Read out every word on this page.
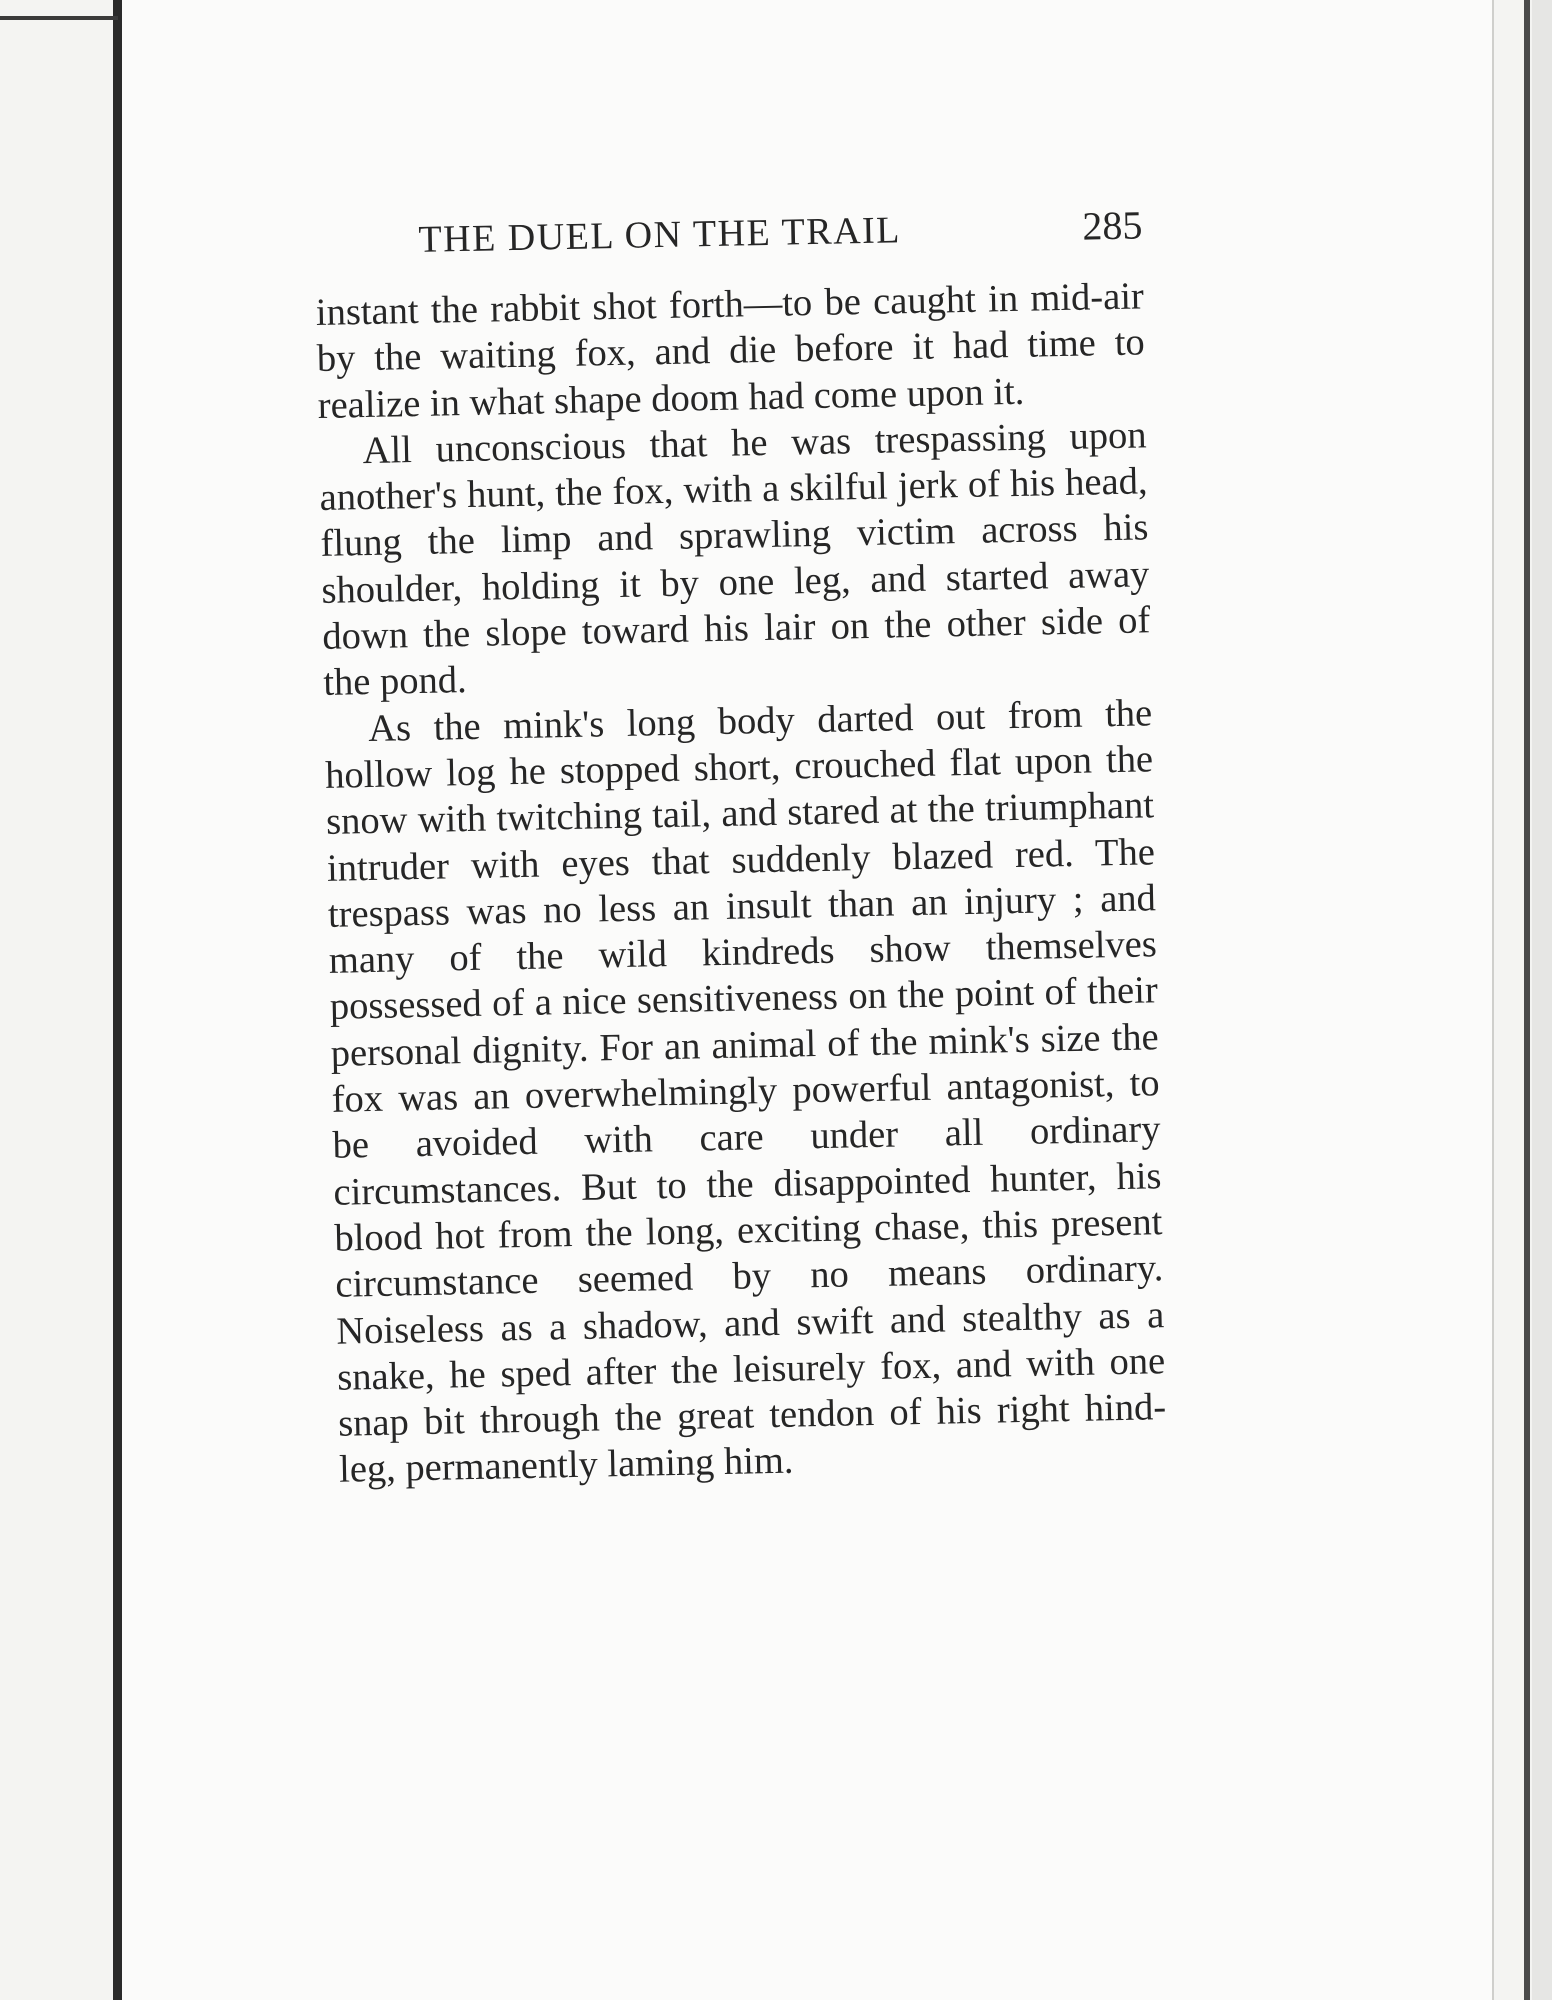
THE DUEL ON THE TRAIL	285

instant the rabbit shot forth—to be caught in mid-air by the waiting fox, and die before it had time to realize in what shape doom had come upon it.

All unconscious that he was trespassing upon another's hunt, the fox, with a skilful jerk of his head, flung the limp and sprawling victim across his shoulder, holding it by one leg, and started away down the slope toward his lair on the other side of the pond.

As the mink's long body darted out from the hollow log he stopped short, crouched flat upon the snow with twitching tail, and stared at the triumphant intruder with eyes that suddenly blazed red. The trespass was no less an insult than an injury ; and many of the wild kindreds show themselves possessed of a nice sensitiveness on the point of their personal dignity. For an animal of the mink's size the fox was an overwhelmingly powerful antagonist, to be avoided with care under all ordinary circumstances. But to the disappointed hunter, his blood hot from the long, exciting chase, this present circumstance seemed by no means ordinary. Noiseless as a shadow, and swift and stealthy as a snake, he sped after the leisurely fox, and with one snap bit through the great tendon of his right hind-leg, permanently laming him.
